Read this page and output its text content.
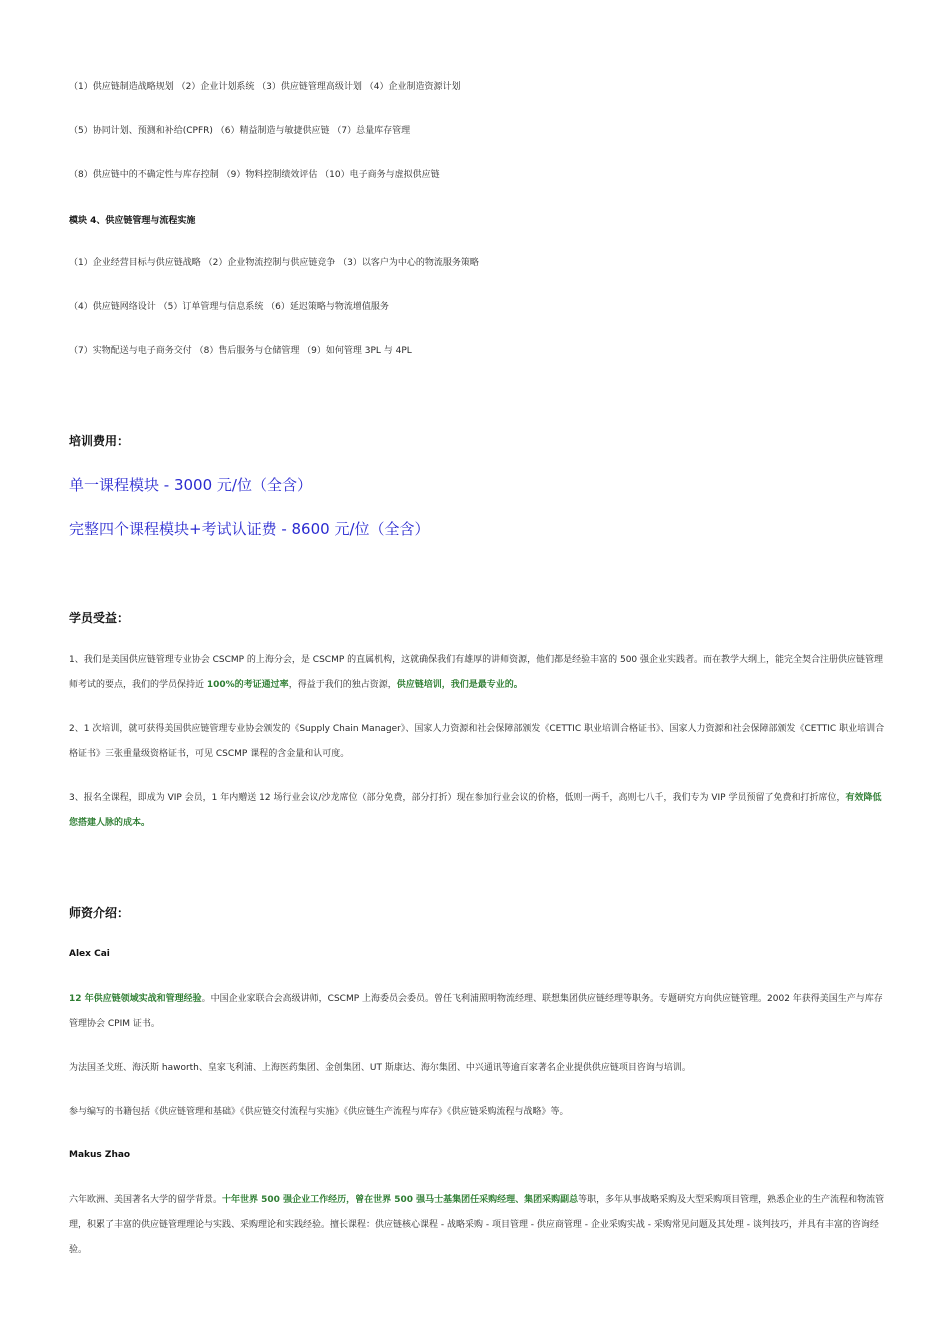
（1）供应链制造战略规划 （2）企业计划系统 （3）供应链管理高级计划 （4）企业制造资源计划
（5）协同计划、预测和补给(CPFR) （6）精益制造与敏捷供应链 （7）总量库存管理
（8）供应链中的不确定性与库存控制 （9）物料控制绩效评估 （10）电子商务与虚拟供应链
模块 4、供应链管理与流程实施
（1）企业经营目标与供应链战略 （2）企业物流控制与供应链竞争 （3）以客户为中心的物流服务策略
（4）供应链网络设计 （5）订单管理与信息系统 （6）延迟策略与物流增值服务
（7）实物配送与电子商务交付 （8）售后服务与仓储管理 （9）如何管理 3PL 与 4PL
培训费用：
单一课程模块 - 3000 元/位（全含）
完整四个课程模块+考试认证费 - 8600 元/位（全含）
学员受益：
1、我们是美国供应链管理专业协会 CSCMP 的上海分会，是 CSCMP 的直属机构，这就确保我们有雄厚的讲师资源，他们都是经验丰富的 500 强企业实践者。而在教学大纲上，能完全契合注册供应链管理师考试的要点，我们的学员保持近 100%的考证通过率，得益于我们的独占资源，供应链培训，我们是最专业的。
2、1 次培训，就可获得美国供应链管理专业协会颁发的《Supply Chain Manager》、国家人力资源和社会保障部颁发《CETTIC 职业培训合格证书》、国家人力资源和社会保障部颁发《CETTIC 职业培训合格证书》三张重量级资格证书，可见 CSCMP 课程的含金量和认可度。
3、报名全课程，即成为 VIP 会员，1 年内赠送 12 场行业会议/沙龙席位（部分免费，部分打折）现在参加行业会议的价格，低则一两千，高则七八千，我们专为 VIP 学员预留了免费和打折席位，有效降低您搭建人脉的成本。
师资介绍：
Alex Cai
12 年供应链领域实战和管理经验。中国企业家联合会高级讲师，CSCMP 上海委员会委员。曾任飞利浦照明物流经理、联想集团供应链经理等职务。专题研究方向供应链管理。2002 年获得美国生产与库存管理协会 CPIM 证书。
为法国圣戈班、海沃斯 haworth、皇家飞利浦、上海医药集团、金创集团、UT 斯康达、海尔集团、中兴通讯等逾百家著名企业提供供应链项目咨询与培训。
参与编写的书籍包括《供应链管理和基础》《供应链交付流程与实施》《供应链生产流程与库存》《供应链采购流程与战略》等。
Makus Zhao
六年欧洲、美国著名大学的留学背景。十年世界 500 强企业工作经历，曾在世界 500 强马士基集团任采购经理、集团采购副总等职，多年从事战略采购及大型采购项目管理，熟悉企业的生产流程和物流管理，积累了丰富的供应链管理理论与实践、采购理论和实践经验。擅长课程：供应链核心课程 - 战略采购 - 项目管理 - 供应商管理 - 企业采购实战 - 采购常见问题及其处理 - 谈判技巧，并具有丰富的咨询经验。
